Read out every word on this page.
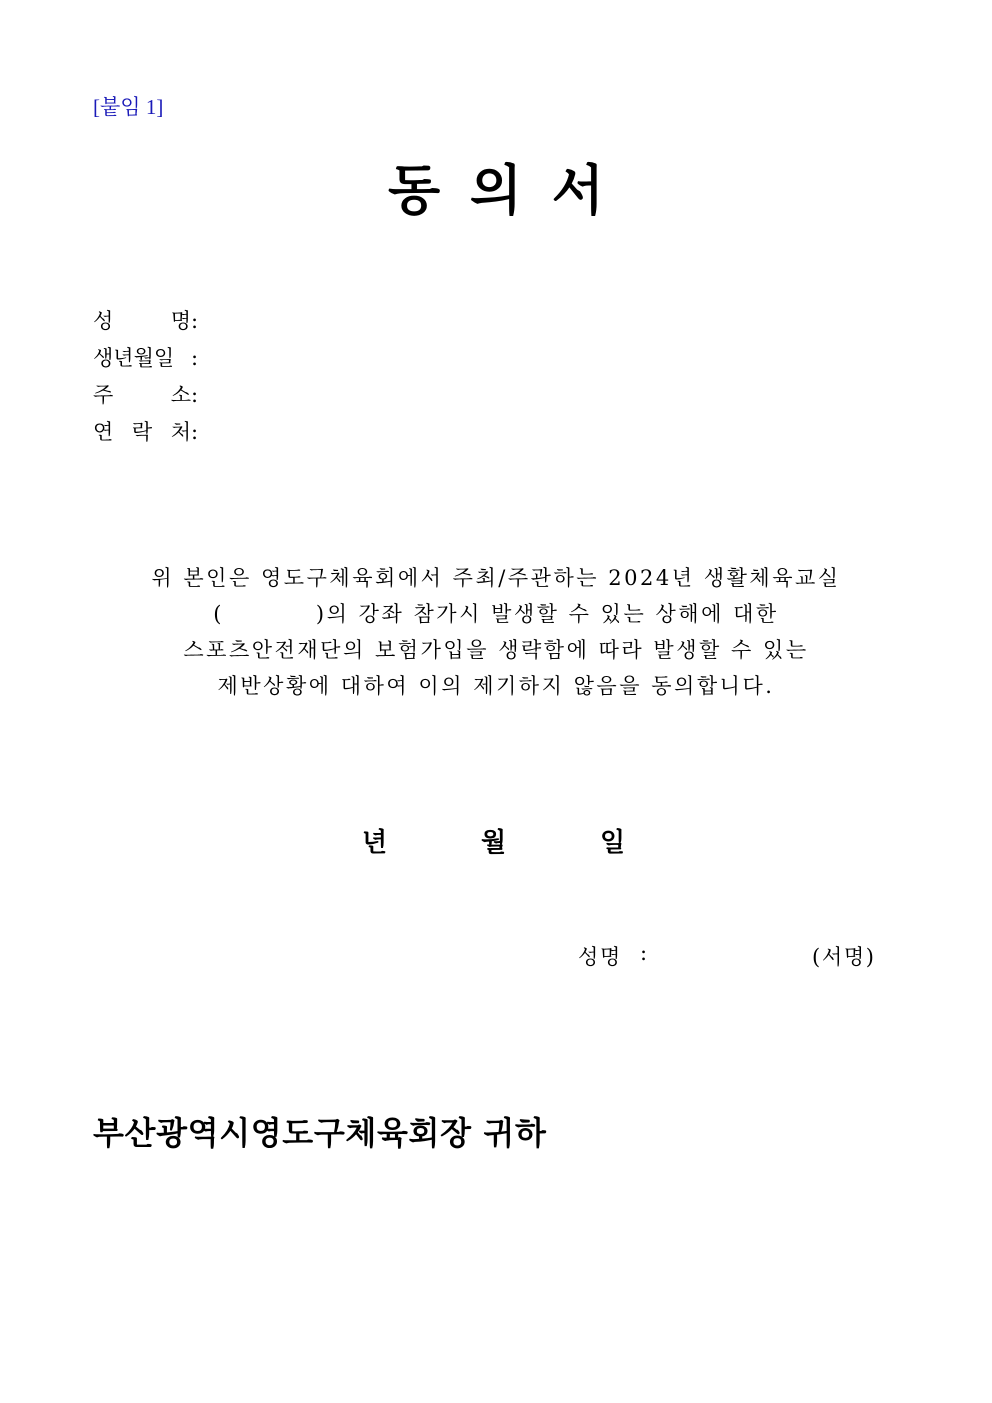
[붙임 1]
동의서
성	명 :
생년월일 :
주	소 :
연 락 처 :
위 본인은 영도구체육회에서 주최/주관하는 2024년 생활체육교실
(          )의 강좌 참가시 발생할 수 있는 상해에 대한
스포츠안전재단의 보험가입을 생략함에 따라 발생할 수 있는
제반상황에 대하여 이의 제기하지 않음을 동의합니다.
년	월	일
성명 :	(서명)
부산광역시영도구체육회장 귀하
